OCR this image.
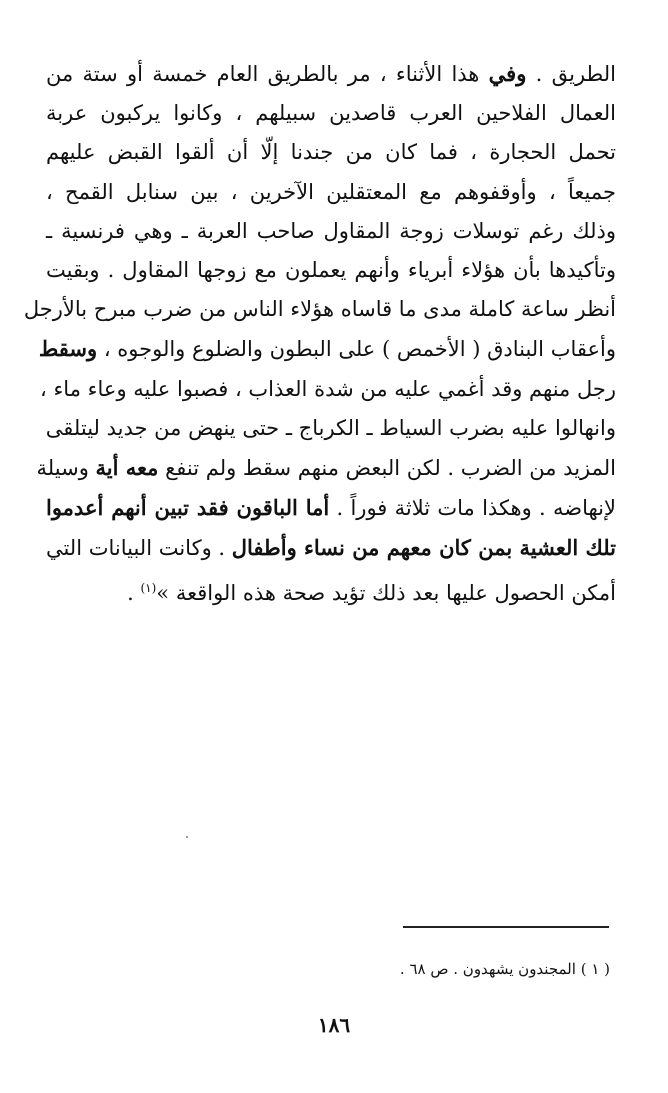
الطريق . وفي هذا الأثناء ، مر بالطريق العام خمسة أو ستة من
العمال الفلاحين العرب قاصدين سبيلهم ، وكانوا يركبون عربة
تحمل الحجارة ، فما كان من جندنا إلّا أن ألقوا القبض عليهم
جميعاً ، وأوقفوهم مع المعتقلين الآخرين ، بين سنابل القمح ،
وذلك رغم توسلات زوجة المقاول صاحب العربة ـ وهي فرنسية ـ
وتأكيدها بأن هؤلاء أبرياء وأنهم يعملون مع زوجها المقاول . وبقيت
أنظر ساعة كاملة مدى ما قاساه هؤلاء الناس من ضرب مبرح بالأرجل
وأعقاب البنادق ( الأخمص ) على البطون والضلوع والوجوه ، وسقط
رجل منهم وقد أغمي عليه من شدة العذاب ، فصبوا عليه وعاء ماء ،
وانهالوا عليه بضرب السياط ـ الكرباج ـ حتى ينهض من جديد ليتلقى
المزيد من الضرب . لكن البعض منهم سقط ولم تنفع معه أية وسيلة
لإنهاضه . وهكذا مات ثلاثة فوراً . أما الباقون فقد تبين أنهم أعدموا
تلك العشية بمن كان معهم من نساء وأطفال . وكانت البيانات التي
أمكن الحصول عليها بعد ذلك تؤيد صحة هذه الواقعة »$^{(١)}$ .
( ١ ) المجندون يشهدون . ص ٦٨ .
١٨٦
